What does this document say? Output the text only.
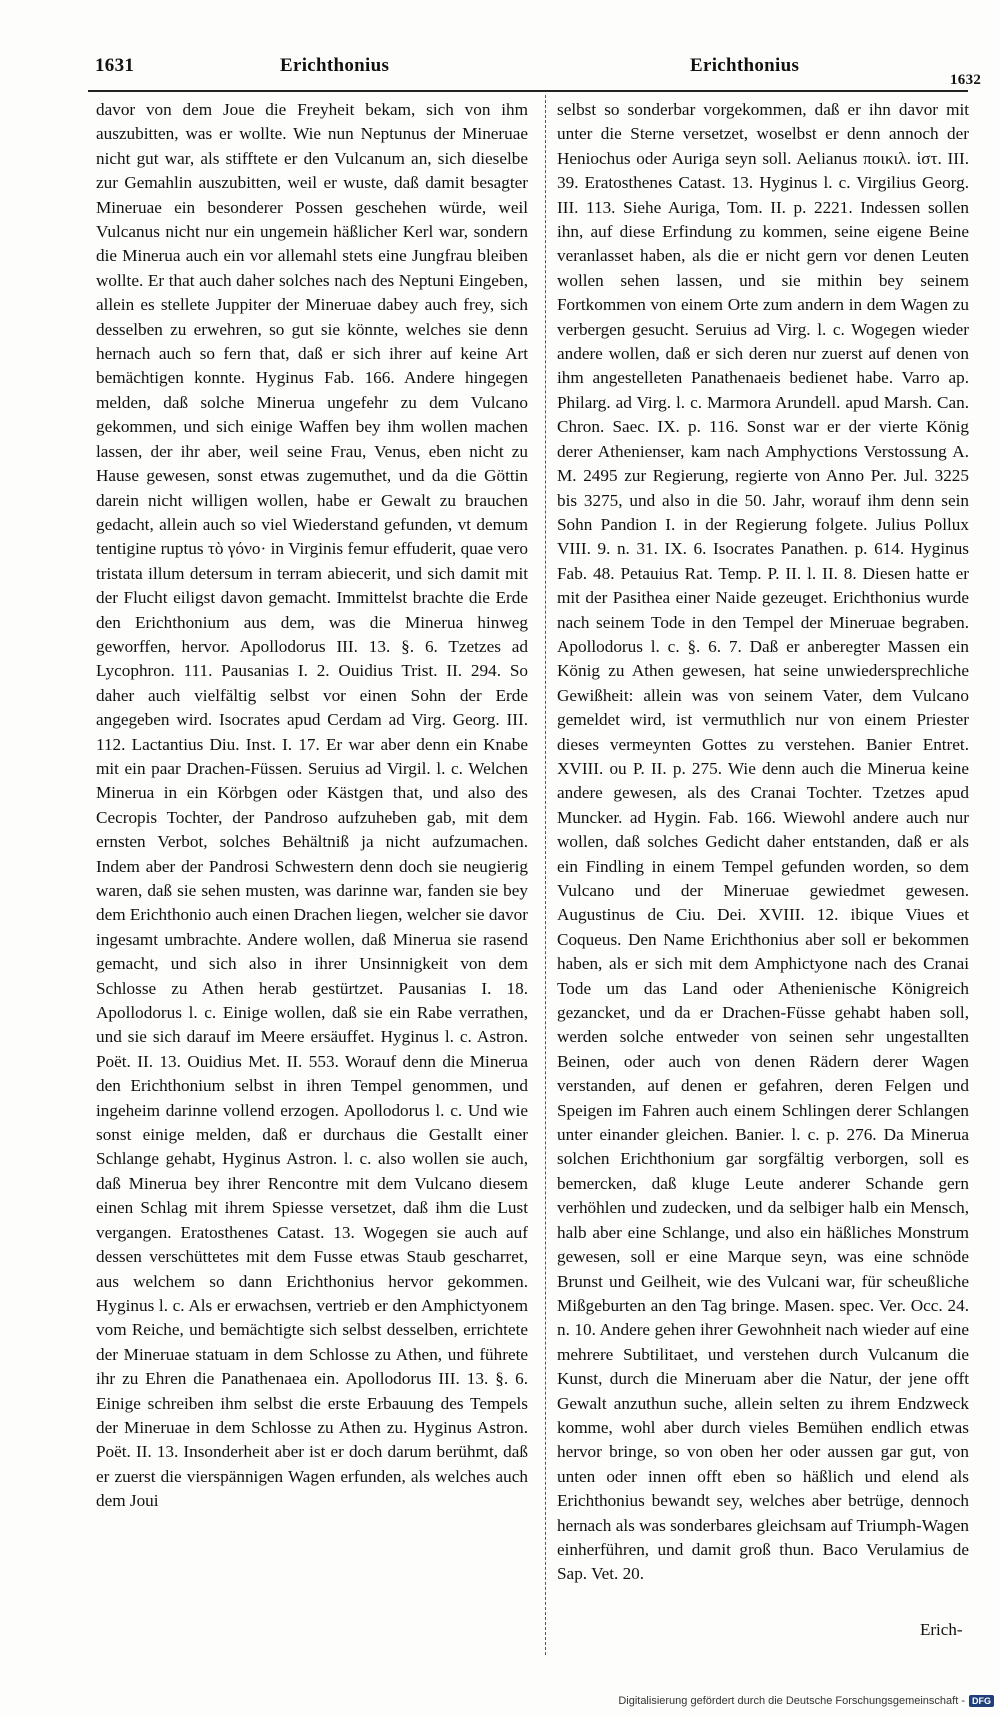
1631	Erichthonius	Erichthonius
1632

davor von dem Joue die Freyheit bekam, sich von ihm auszubitten, was er wollte. Wie nun Neptunus der Mineruae nicht gut war, als stifftete er den Vulcanum an, sich dieselbe zur Gemahlin auszubitten, weil er wuste, daß damit besagter Mineruae ein besonderer Possen geschehen würde, weil Vulcanus nicht nur ein ungemein häßlicher Kerl war, sondern die Minerua auch ein vor allemahl stets eine Jungfrau bleiben wollte. Er that auch daher solches nach des Neptuni Eingeben, allein es stellete Juppiter der Mineruae dabey auch frey, sich desselben zu erwehren, so gut sie könnte, welches sie denn hernach auch so fern that, daß er sich ihrer auf keine Art bemächtigen konnte. Hyginus Fab. 166. Andere hingegen melden, daß solche Minerua ungefehr zu dem Vulcano gekommen, und sich einige Waffen bey ihm wollen machen lassen, der ihr aber, weil seine Frau, Venus, eben nicht zu Hause gewesen, sonst etwas zugemuthet, und da die Göttin darein nicht willigen wollen, habe er Gewalt zu brauchen gedacht, allein auch so viel Wiederstand gefunden, vt demum tentigine ruptus τὸ γόνο· in Virginis femur effuderit, quae vero tristata illum detersum in terram abiecerit, und sich damit mit der Flucht eiligst davon gemacht. Immittelst brachte die Erde den Erichthonium aus dem, was die Minerua hinweg geworffen, hervor. Apollodorus III. 13. §. 6. Tzetzes ad Lycophron. 111. Pausanias I. 2. Ouidius Trist. II. 294. So daher auch vielfältig selbst vor einen Sohn der Erde angegeben wird. Isocrates apud Cerdam ad Virg. Georg. III. 112. Lactantius Diu. Inst. I. 17. Er war aber denn ein Knabe mit ein paar Drachen-Füssen. Seruius ad Virgil. l. c. Welchen Minerua in ein Körbgen oder Kästgen that, und also des Cecropis Tochter, der Pandroso aufzuheben gab, mit dem ernsten Verbot, solches Behältniß ja nicht aufzumachen. Indem aber der Pandrosi Schwestern denn doch sie neugierig waren, daß sie sehen musten, was darinne war, fanden sie bey dem Erichthonio auch einen Drachen liegen, welcher sie davor ingesamt umbrachte. Andere wollen, daß Minerua sie rasend gemacht, und sich also in ihrer Unsinnigkeit von dem Schlosse zu Athen herab gestürtzet. Pausanias I. 18. Apollodorus l. c. Einige wollen, daß sie ein Rabe verrathen, und sie sich darauf im Meere ersäuffet. Hyginus l. c. Astron. Poët. II. 13. Ouidius Met. II. 553. Worauf denn die Minerua den Erichthonium selbst in ihren Tempel genommen, und ingeheim darinne vollend erzogen. Apollodorus l. c. Und wie sonst einige melden, daß er durchaus die Gestallt einer Schlange gehabt, Hyginus Astron. l. c. also wollen sie auch, daß Minerua bey ihrer Rencontre mit dem Vulcano diesem einen Schlag mit ihrem Spiesse versetzet, daß ihm die Lust vergangen. Eratosthenes Catast. 13. Wogegen sie auch auf dessen verschüttetes mit dem Fusse etwas Staub gescharret, aus welchem so dann Erichthonius hervor gekommen. Hyginus l. c. Als er erwachsen, vertrieb er den Amphictyonem vom Reiche, und bemächtigte sich selbst desselben, errichtete der Mineruae statuam in dem Schlosse zu Athen, und führete ihr zu Ehren die Panathenaea ein. Apollodorus III. 13. §. 6. Einige schreiben ihm selbst die erste Erbauung des Tempels der Mineruae in dem Schlosse zu Athen zu. Hyginus Astron. Poët. II. 13. Insonderheit aber ist er doch darum berühmt, daß er zuerst die vierspännigen Wagen erfunden, als welches auch dem Joui

selbst so sonderbar vorgekommen, daß er ihn davor mit unter die Sterne versetzet, woselbst er denn annoch der Heniochus oder Auriga seyn soll. Aelianus ποικιλ. ἱστ. III. 39. Eratosthenes Catast. 13. Hyginus l. c. Virgilius Georg. III. 113. Siehe Auriga, Tom. II. p. 2221. Indessen sollen ihn, auf diese Erfindung zu kommen, seine eigene Beine veranlasset haben, als die er nicht gern vor denen Leuten wollen sehen lassen, und sie mithin bey seinem Fortkommen von einem Orte zum andern in dem Wagen zu verbergen gesucht. Seruius ad Virg. l. c. Wogegen wieder andere wollen, daß er sich deren nur zuerst auf denen von ihm angestelleten Panathenaeis bedienet habe. Varro ap. Philarg. ad Virg. l. c. Marmora Arundell. apud Marsh. Can. Chron. Saec. IX. p. 116. Sonst war er der vierte König derer Athenienser, kam nach Amphyctions Verstossung A. M. 2495 zur Regierung, regierte von Anno Per. Jul. 3225 bis 3275, und also in die 50. Jahr, worauf ihm denn sein Sohn Pandion I. in der Regierung folgete. Julius Pollux VIII. 9. n. 31. IX. 6. Isocrates Panathen. p. 614. Hyginus Fab. 48. Petauius Rat. Temp. P. II. l. II. 8. Diesen hatte er mit der Pasithea einer Naide gezeuget. Erichthonius wurde nach seinem Tode in den Tempel der Mineruae begraben. Apollodorus l. c. §. 6. 7. Daß er anberegter Massen ein König zu Athen gewesen, hat seine unwiedersprechliche Gewißheit: allein was von seinem Vater, dem Vulcano gemeldet wird, ist vermuthlich nur von einem Priester dieses vermeynten Gottes zu verstehen. Banier Entret. XVIII. ou P. II. p. 275. Wie denn auch die Minerua keine andere gewesen, als des Cranai Tochter. Tzetzes apud Muncker. ad Hygin. Fab. 166. Wiewohl andere auch nur wollen, daß solches Gedicht daher entstanden, daß er als ein Findling in einem Tempel gefunden worden, so dem Vulcano und der Mineruae gewiedmet gewesen. Augustinus de Ciu. Dei. XVIII. 12. ibique Viues et Coqueus. Den Name Erichthonius aber soll er bekommen haben, als er sich mit dem Amphictyone nach des Cranai Tode um das Land oder Athenienische Königreich gezancket, und da er Drachen-Füsse gehabt haben soll, werden solche entweder von seinen sehr ungestallten Beinen, oder auch von denen Rädern derer Wagen verstanden, auf denen er gefahren, deren Felgen und Speigen im Fahren auch einem Schlingen derer Schlangen unter einander gleichen. Banier. l. c. p. 276. Da Minerua solchen Erichthonium gar sorgfältig verborgen, soll es bemercken, daß kluge Leute anderer Schande gern verhöhlen und zudecken, und da selbiger halb ein Mensch, halb aber eine Schlange, und also ein häßliches Monstrum gewesen, soll er eine Marque seyn, was eine schnöde Brunst und Geilheit, wie des Vulcani war, für scheußliche Mißgeburten an den Tag bringe. Masen. spec. Ver. Occ. 24. n. 10. Andere gehen ihrer Gewohnheit nach wieder auf eine mehrere Subtilitaet, und verstehen durch Vulcanum die Kunst, durch die Mineruam aber die Natur, der jene offt Gewalt anzuthun suche, allein selten zu ihrem Endzweck komme, wohl aber durch vieles Bemühen endlich etwas hervor bringe, so von oben her oder aussen gar gut, von unten oder innen offt eben so häßlich und elend als Erichthonius bewandt sey, welches aber betrüge, dennoch hernach als was sonderbares gleichsam auf Triumph-Wagen einherführen, und damit groß thun. Baco Verulamius de Sap. Vet. 20.

Erich-
Digitalisierung gefördert durch die Deutsche Forschungsgemeinschaft - DFG
